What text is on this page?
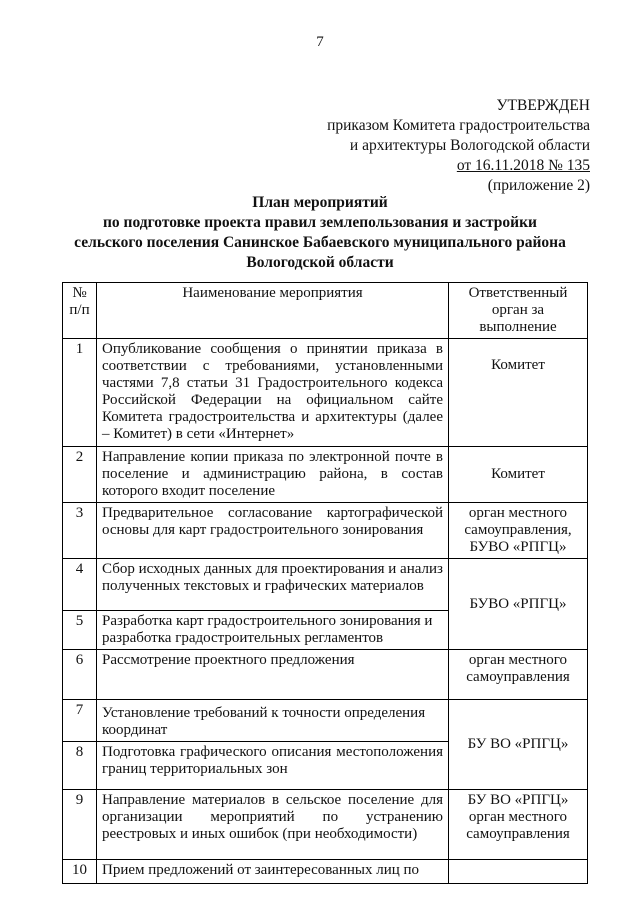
7
УТВЕРЖДЕН
приказом Комитета градостроительства
и архитектуры Вологодской области
от 16.11.2018 № 135
(приложение 2)
План мероприятий
по подготовке проекта правил землепользования и застройки
сельского поселения Санинское Бабаевского муниципального района
Вологодской области
№ п/п	Наименование мероприятия	Ответственный орган за выполнение
1	Опубликование сообщения о принятии приказа в соответствии с требованиями, установленными частями 7,8 статьи 31 Градостроительного кодекса Российской Федерации на официальном сайте Комитета градостроительства и архитектуры (далее – Комитет) в сети «Интернет»	Комитет
2	Направление копии приказа по электронной почте в поселение и администрацию района, в состав которого входит поселение	Комитет
3	Предварительное согласование картографической основы для карт градостроительного зонирования	орган местного самоуправления, БУВО «РПГЦ»
4	Сбор исходных данных для проектирования и анализ полученных текстовых и графических материалов	БУВО «РПГЦ»
5	Разработка карт градостроительного зонирования и разработка градостроительных регламентов	
6	Рассмотрение проектного предложения	орган местного самоуправления
7	Установление требований к точности определения координат	БУ ВО «РПГЦ»
8	Подготовка графического описания местоположения границ территориальных зон	
9	Направление материалов в сельское поселение для организации мероприятий по устранению реестровых и иных ошибок (при необходимости)	БУ ВО «РПГЦ» орган местного самоуправления
10	Прием предложений от заинтересованных лиц по	
